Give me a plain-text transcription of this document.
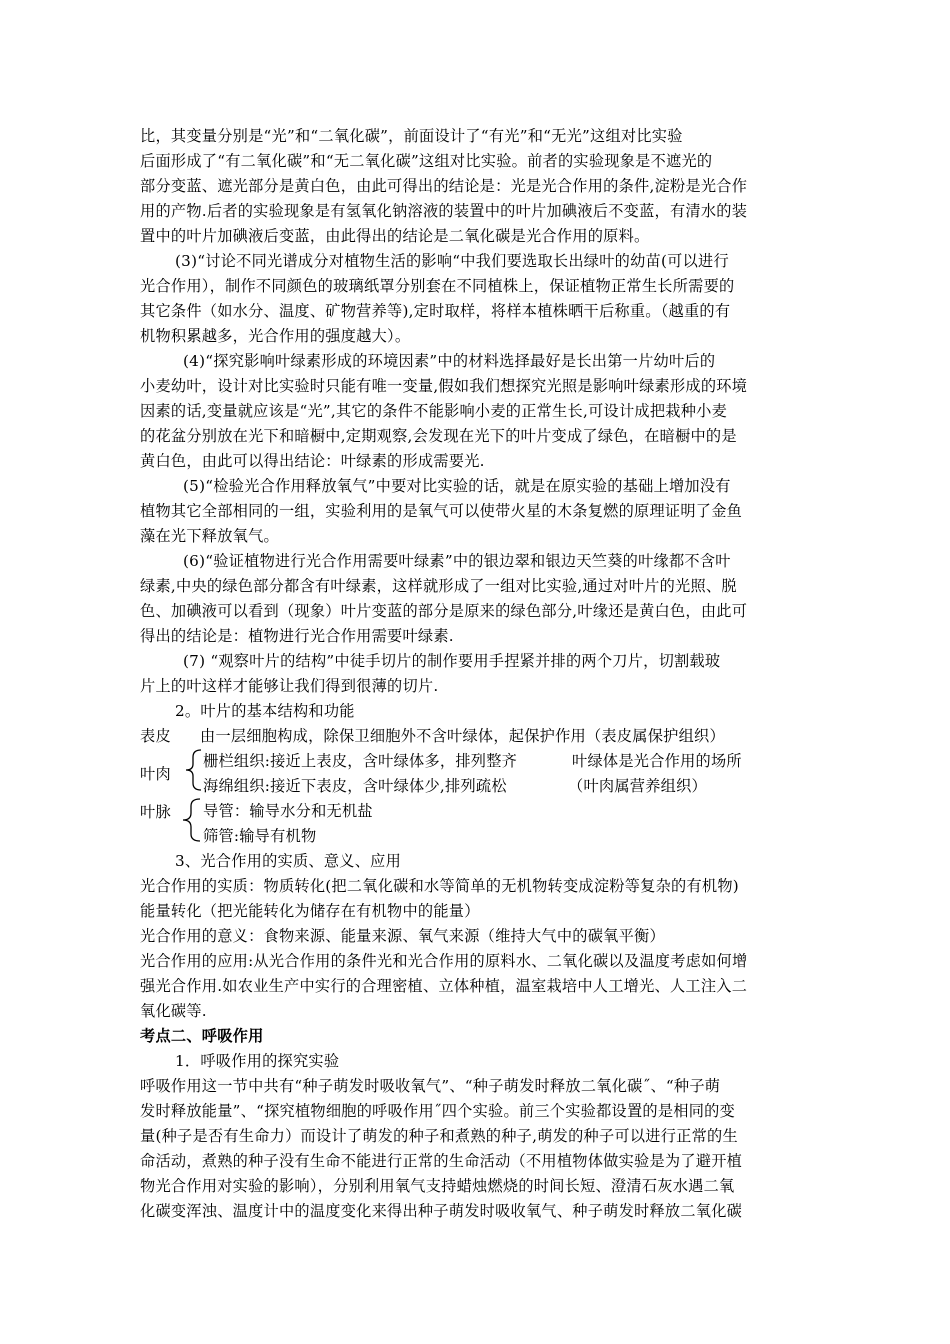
比，其变量分别是“光”和“二氧化碳”，前面设计了“有光”和“无光”这组对比实验
后面形成了“有二氧化碳”和“无二氧化碳”这组对比实验。前者的实验现象是不遮光的
部分变蓝、遮光部分是黄白色，由此可得出的结论是：光是光合作用的条件,淀粉是光合作
用的产物.后者的实验现象是有氢氧化钠溶液的装置中的叶片加碘液后不变蓝，有清水的装
置中的叶片加碘液后变蓝，由此得出的结论是二氧化碳是光合作用的原料。
(3)“讨论不同光谱成分对植物生活的影响“中我们要选取长出绿叶的幼苗(可以进行
光合作用），制作不同颜色的玻璃纸罩分别套在不同植株上，保证植物正常生长所需要的
其它条件（如水分、温度、矿物营养等),定时取样，将样本植株晒干后称重。（越重的有
机物积累越多，光合作用的强度越大）。
(4)“探究影响叶绿素形成的环境因素”中的材料选择最好是长出第一片幼叶后的
小麦幼叶，设计对比实验时只能有唯一变量,假如我们想探究光照是影响叶绿素形成的环境
因素的话,变量就应该是“光”,其它的条件不能影响小麦的正常生长,可设计成把栽种小麦
的花盆分别放在光下和暗橱中,定期观察,会发现在光下的叶片变成了绿色，在暗橱中的是
黄白色，由此可以得出结论：叶绿素的形成需要光.
(5)“检验光合作用释放氧气”中要对比实验的话，就是在原实验的基础上增加没有
植物其它全部相同的一组，实验利用的是氧气可以使带火星的木条复燃的原理证明了金鱼
藻在光下释放氧气。
(6)“验证植物进行光合作用需要叶绿素”中的银边翠和银边天竺葵的叶缘都不含叶
绿素,中央的绿色部分都含有叶绿素，这样就形成了一组对比实验,通过对叶片的光照、脱
色、加碘液可以看到（现象）叶片变蓝的部分是原来的绿色部分,叶缘还是黄白色，由此可
得出的结论是：植物进行光合作用需要叶绿素.
(7) “观察叶片的结构”中徒手切片的制作要用手捏紧并排的两个刀片，切割载玻
片上的叶这样才能够让我们得到很薄的切片.
2。叶片的基本结构和功能
表皮 由一层细胞构成，除保卫细胞外不含叶绿体，起保护作用（表皮属保护组织）
叶肉
栅栏组织:接近上表皮，含叶绿体多，排列整齐	叶绿体是光合作用的场所
海绵组织:接近下表皮，含叶绿体少,排列疏松	（叶肉属营养组织）
叶脉 导管：输导水分和无机盐
筛管:输导有机物
3、光合作用的实质、意义、应用
光合作用的实质：物质转化(把二氧化碳和水等简单的无机物转变成淀粉等复杂的有机物)
能量转化（把光能转化为储存在有机物中的能量）
光合作用的意义：食物来源、能量来源、氧气来源（维持大气中的碳氧平衡）
光合作用的应用:从光合作用的条件光和光合作用的原料水、二氧化碳以及温度考虑如何增
强光合作用.如农业生产中实行的合理密植、立体种植，温室栽培中人工增光、人工注入二
氧化碳等.
考点二、呼吸作用
1．呼吸作用的探究实验
呼吸作用这一节中共有“种子萌发时吸收氧气”、“种子萌发时释放二氧化碳˝、“种子萌
发时释放能量”、“探究植物细胞的呼吸作用˝四个实验。前三个实验都设置的是相同的变
量(种子是否有生命力）而设计了萌发的种子和煮熟的种子,萌发的种子可以进行正常的生
命活动，煮熟的种子没有生命不能进行正常的生命活动（不用植物体做实验是为了避开植
物光合作用对实验的影响），分别利用氧气支持蜡烛燃烧的时间长短、澄清石灰水遇二氧
化碳变浑浊、温度计中的温度变化来得出种子萌发时吸收氧气、种子萌发时释放二氧化碳
